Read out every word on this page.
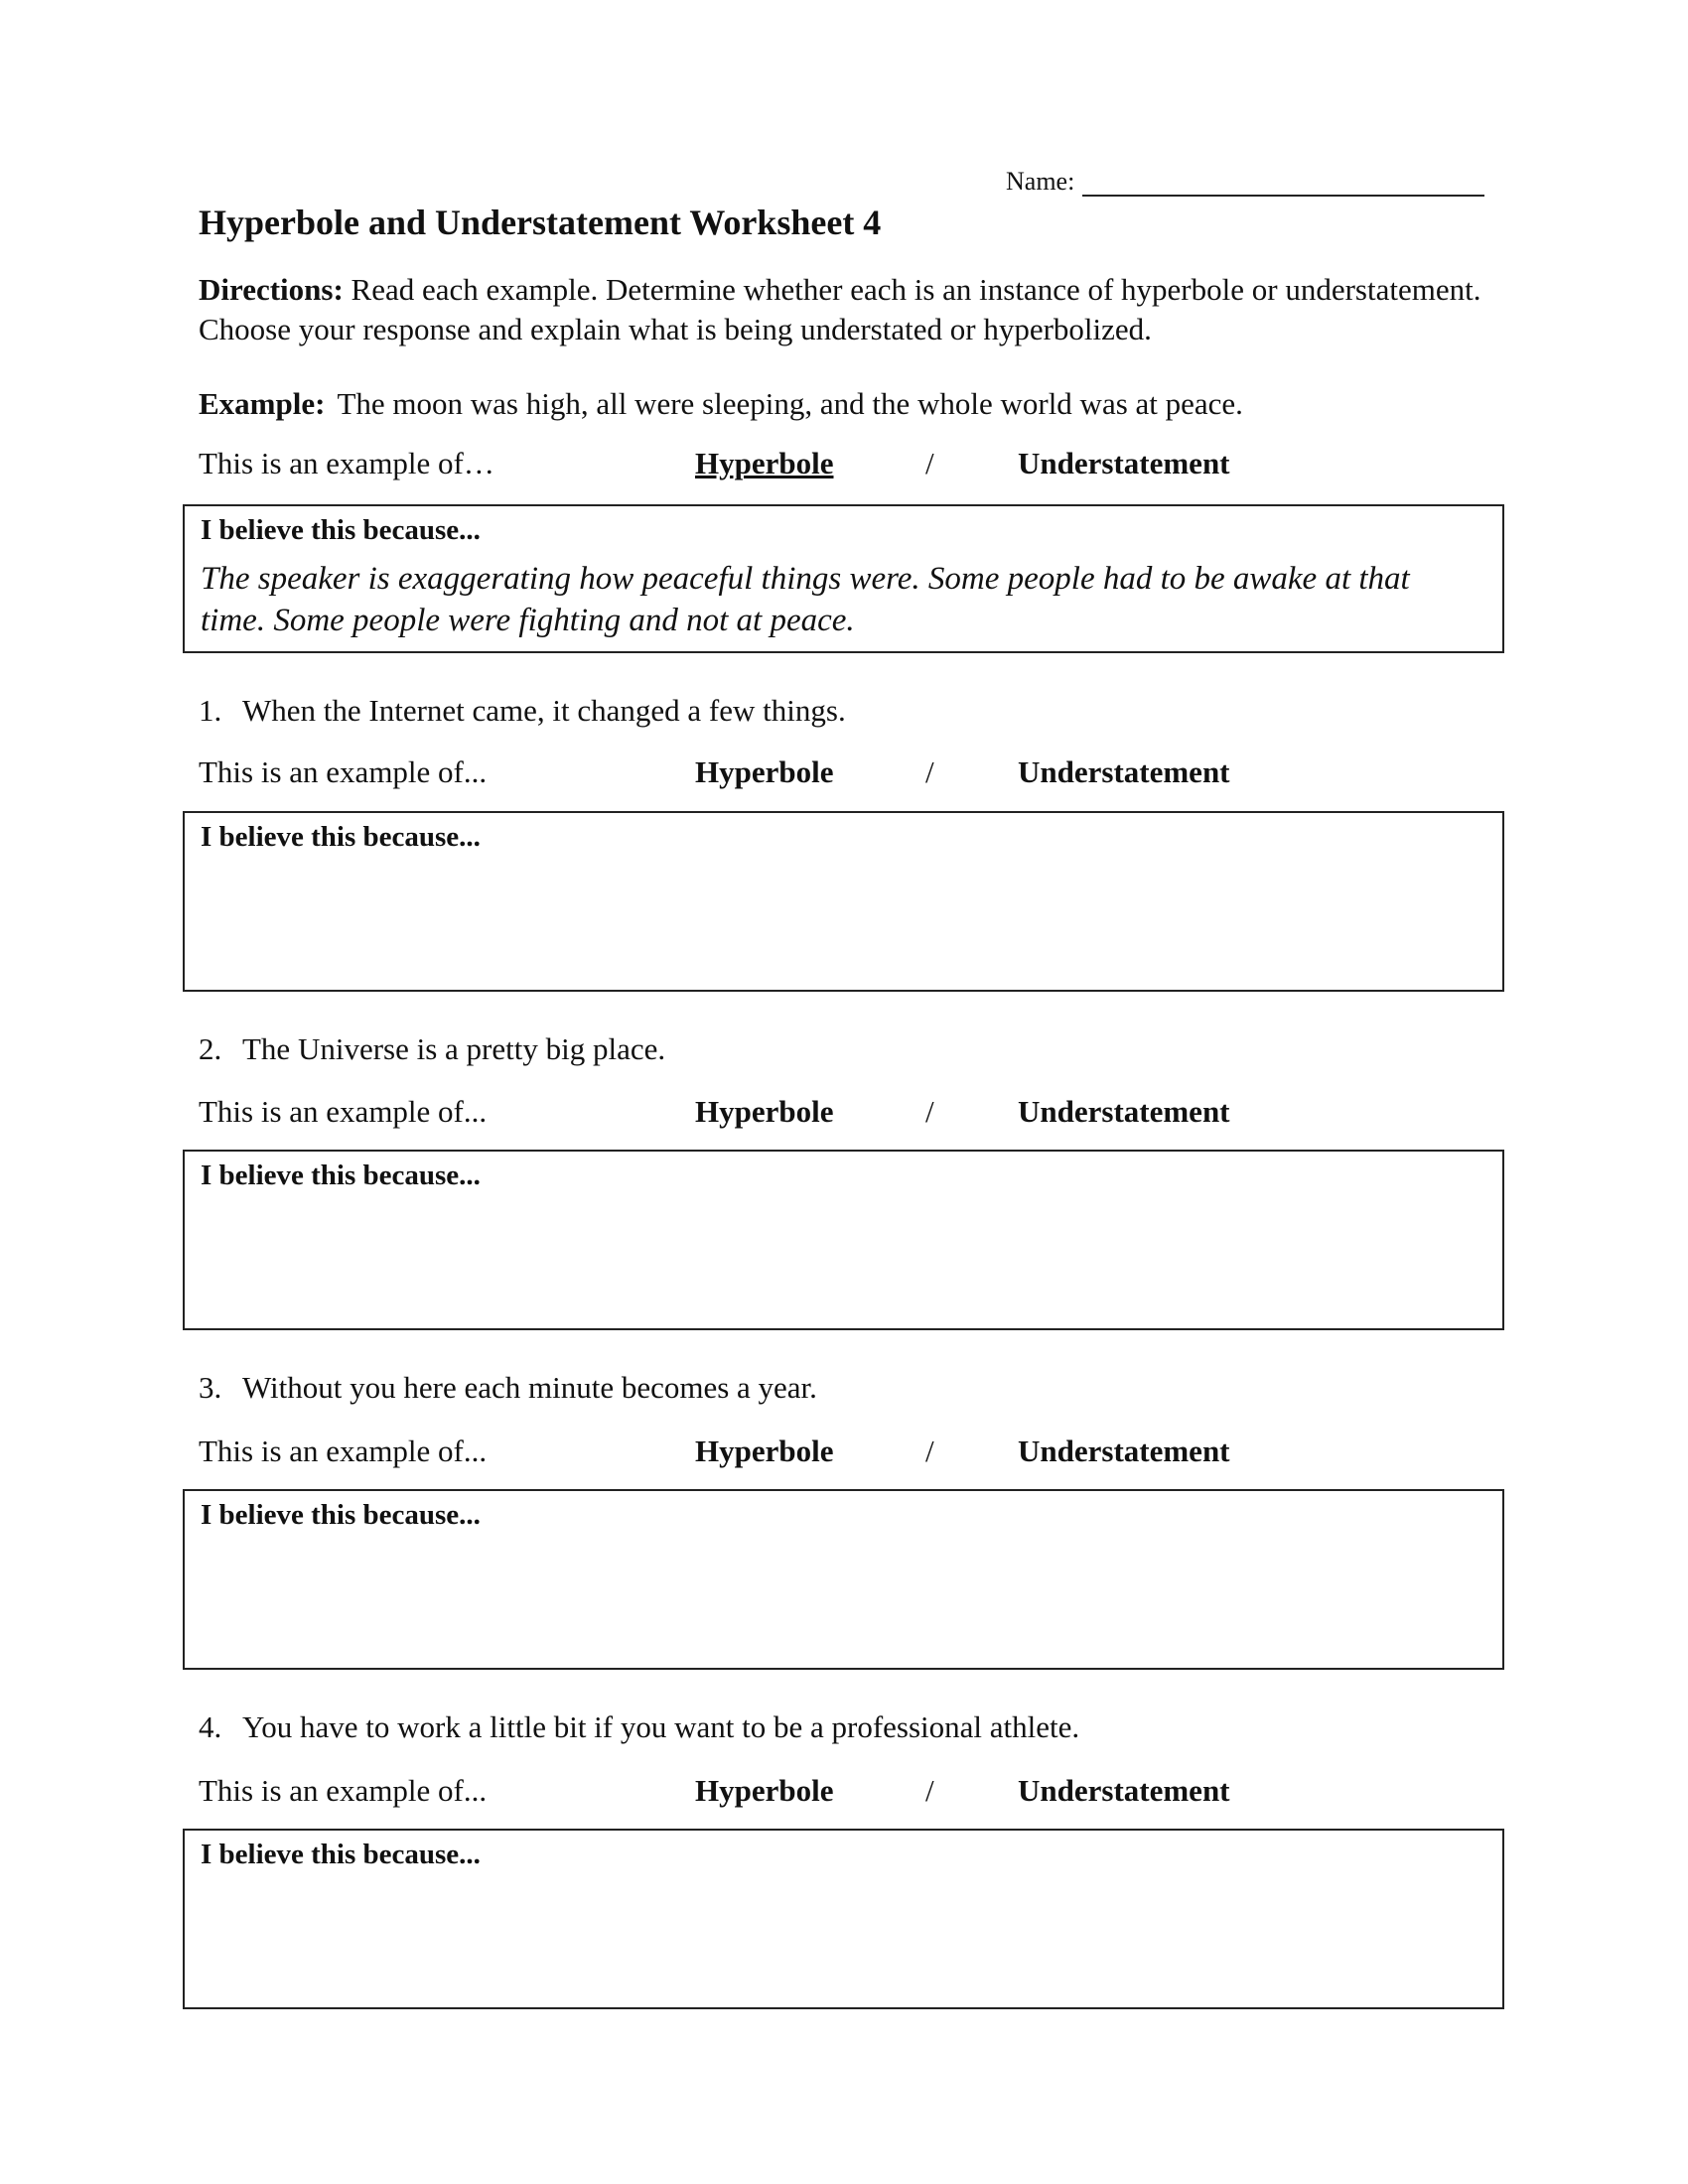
Name:
Hyperbole and Understatement Worksheet 4
Directions: Read each example. Determine whether each is an instance of hyperbole or understatement. Choose your response and explain what is being understated or hyperbolized.
Example: The moon was high, all were sleeping, and the whole world was at peace.
This is an example of…	Hyperbole	/	Understatement
I believe this because...
The speaker is exaggerating how peaceful things were. Some people had to be awake at that time. Some people were fighting and not at peace.
1. When the Internet came, it changed a few things.
This is an example of...	Hyperbole	/	Understatement
I believe this because...
2. The Universe is a pretty big place.
This is an example of...	Hyperbole	/	Understatement
I believe this because...
3. Without you here each minute becomes a year.
This is an example of...	Hyperbole	/	Understatement
I believe this because...
4. You have to work a little bit if you want to be a professional athlete.
This is an example of...	Hyperbole	/	Understatement
I believe this because...
